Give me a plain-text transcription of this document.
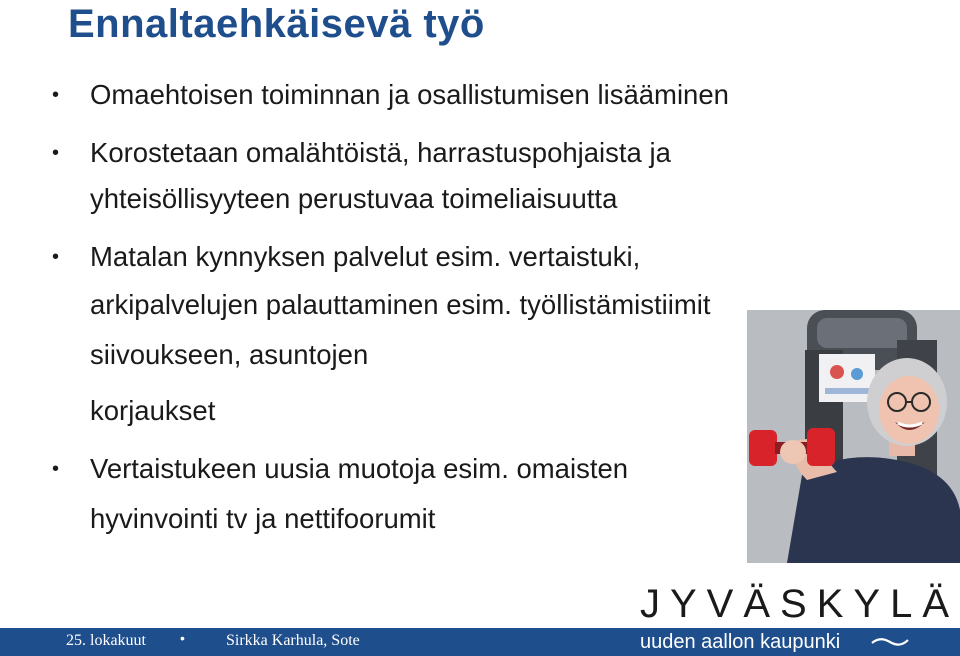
Ennaltaehkäisevä työ
• Omaehtoisen toiminnan ja osallistumisen lisääminen
• Korostetaan omalähtöistä, harrastuspohjaista ja
yhteisöllisyyteen perustuvaa toimeliaisuutta
• Matalan kynnyksen palvelut esim. vertaistuki,
arkipalvelujen palauttaminen esim. työllistämistiimit
siivoukseen, asuntojen
korjaukset
• Vertaistukeen uusia muotoja esim. omaisten
hyvinvointi tv ja nettifoorumit
JYVÄSKYLÄ
25. lokakuut •	Sirkka Karhula, Sote	uuden aallon kaupunki
